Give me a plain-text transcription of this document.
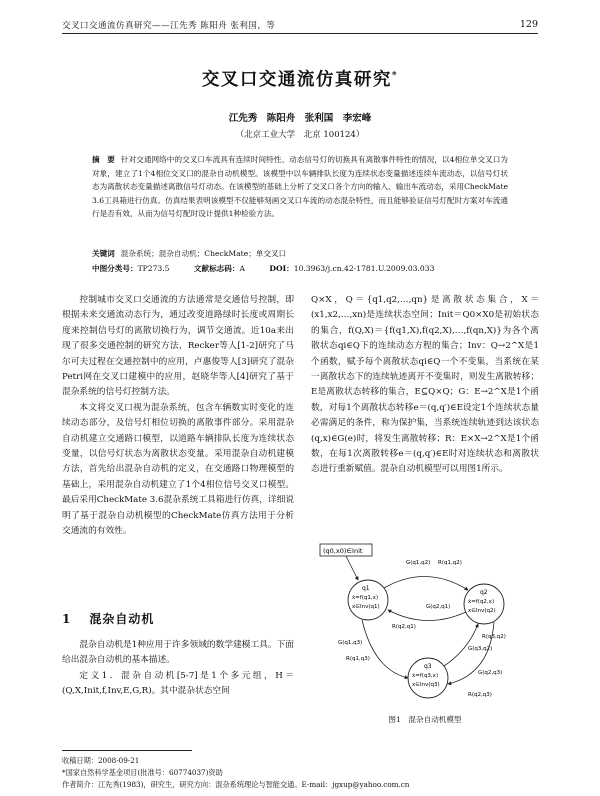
交叉口交通流仿真研究——江先秀 陈阳舟 张利国，等	129
交叉口交通流仿真研究*
江先秀　陈阳舟　张利国　李宏峰
（北京工业大学　北京 100124）
摘　要 针对交通网络中的交叉口车流具有连续时间特性、动态信号灯的切换具有离散事件特性的情况，以4相位单交叉口为对象，建立了1个4相位交叉口的混杂自动机模型。该模型中以车辆排队长度为连续状态变量描述连续车流动态，以信号灯状态为离散状态变量描述离散信号灯动态。在该模型的基础上分析了交叉口各个方向的输入、输出车流动态，采用CheckMate 3.6工具箱进行仿真。仿真结果表明该模型不仅能够刻画交叉口车流的动态混杂特性，而且能够验证信号灯配时方案对车流通行是否有效，从而为信号灯配时设计提供1种检验方法。
关键词 混杂系统；混杂自动机；CheckMate；单交叉口
中图分类号：TP273.5	文献标志码：A	DOI：10.3963/j.cn.42-1781.U.2009.03.033

控制城市交叉口交通流的方法通常是交通信号控制，即根据未来交通流动态行为，通过改变道路绿时长度或周期长度来控制信号灯的离散切换行为，调节交通流。近10a来出现了很多交通控制的研究方法，Recker等人[1-2]研究了马尔可夫过程在交通控制中的应用，卢惠俊等人[3]研究了混杂Petri网在交叉口建模中的应用，赵晓华等人[4]研究了基于混杂系统的信号灯控制方法。

本文将交叉口视为混杂系统，包含车辆数实时变化的连续动态部分，及信号灯相位切换的离散事件部分。采用混杂自动机建立交通路口模型，以道路车辆排队长度为连续状态变量，以信号灯状态为离散状态变量。采用混杂自动机建模方法，首先给出混杂自动机的定义，在交通路口物理模型的基础上，采用混杂自动机建立了1个4相位信号交叉口模型。最后采用CheckMate 3.6混杂系统工具箱进行仿真，详细说明了基于混杂自动机模型的CheckMate仿真方法用于分析交通流的有效性。

1 混杂自动机

混杂自动机是1种应用于许多领域的数学建模工具。下面给出混杂自动机的基本描述。

定义1．混杂自动机[5-7]是1个多元组，H＝(Q,X,Init,f,Inv,E,G,R)。其中混杂状态空间

Q×X，Q＝{q1,q2,…,qn}是离散状态集合，X＝(x1,x2,…,xn)是连续状态空间；Init＝Q0×X0是初始状态的集合，f(Q,X)＝{f(q1,X),f(q2,X),…,f(qn,X)}为各个离散状态qi∈Q下的连续动态方程的集合；Inv：Q→2^X是1个函数，赋予每个离散状态qi∈Q一个不变集，当系统在某一离散状态下的连续轨迹离开不变集时，则发生离散转移；E是离散状态转移的集合，E⊆Q×Q；G：E→2^X是1个函数，对每1个离散状态转移e＝(q,q′)∈E设定1个连续状态量必需满足的条件，称为保护集，当系统连续轨迹到达该状态(q,x)∈G(e)时，将发生离散转移；R：E×X→2^X是1个函数，在每1次离散转移e＝(q,q′)∈E时对连续状态和离散状态进行重新赋值。混杂自动机模型可以用图1所示。

(q0,x0)∈Init
q1
ẋ=f(q1,x)
x∈Inv(q1)
q2
ẋ=f(q2,x)
x∈Inv(q2)
q3
ẋ=f(q3,x)
x∈Inv(q3)
G(q1,q2) R(q1,q2)
G(q2,q1)
R(q2,q1)
G(q1,q3)
R(q1,q3)
G(q3,q2)
R(q3,q2)
G(q2,q3)
R(q2,q3)
图1　混杂自动机模型
收稿日期：2008-09-21
*国家自然科学基金项目(批准号：60774037)资助
作者简介：江先秀(1983)，研究生，研究方向：混杂系统理论与智能交通。E-mail：jgxup@yahoo.com.cn
